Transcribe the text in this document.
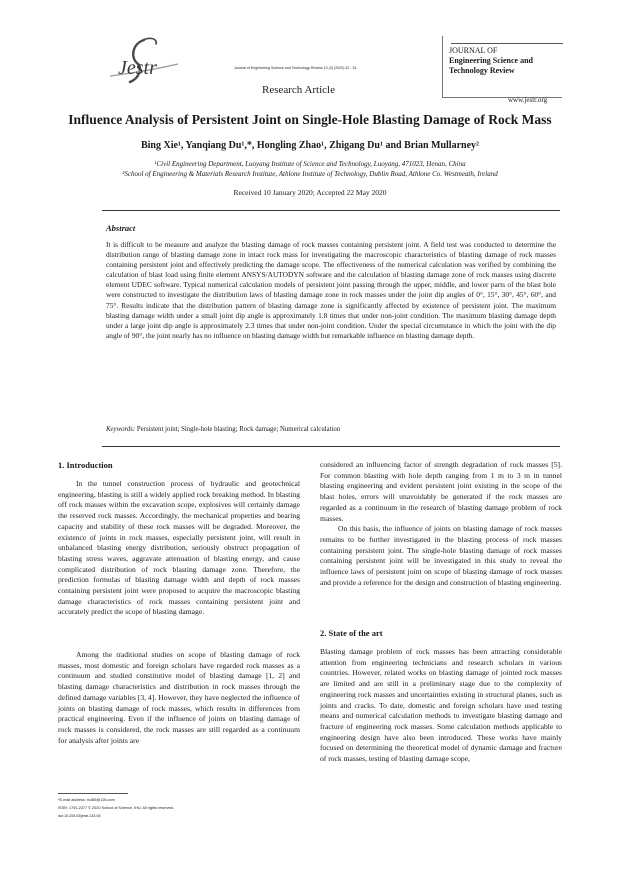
Jestr	Journal of Engineering Science and Technology Review 13 (3) (2020) 42 - 51
Research Article
JOURNAL OF
Engineering Science and
Technology Review
www.jestr.org
Influence Analysis of Persistent Joint on Single-Hole Blasting Damage of Rock Mass
Bing Xie¹, Yanqiang Du¹,*, Hongling Zhao¹, Zhigang Du¹ and Brian Mullarney²
¹Civil Engineering Department, Luoyang Institute of Science and Technology, Luoyang, 471023, Henan, China
²School of Engineering & Materials Research Institute, Athlone Institute of Technology, Dublin Road, Athlone Co. Westmeath, Ireland
Received 10 January 2020; Accepted 22 May 2020
Abstract
It is difficult to be measure and analyze the blasting damage of rock masses containing persistent joint. A field test was conducted to determine the distribution range of blasting damage zone in intact rock mass for investigating the macroscopic characteristics of blasting damage of rock masses containing persistent joint and effectively predicting the damage scope. The effectiveness of the numerical calculation was verified by combining the calculation of blast load using finite element ANSYS/AUTODYN software and the calculation of blasting damage zone of rock masses using discrete element UDEC software. Typical numerical calculation models of persistent joint passing through the upper, middle, and lower parts of the blast hole were constructed to investigate the distribution laws of blasting damage zone in rock masses under the joint dip angles of 0°, 15°, 30°, 45°, 60°, and 75°. Results indicate that the distribution pattern of blasting damage zone is significantly affected by existence of persistent joint. The maximum blasting damage width under a small joint dip angle is approximately 1.8 times that under non-joint condition. The maximum blasting damage depth under a large joint dip angle is approximately 2.3 times that under non-joint condition. Under the special circumstance in which the joint with the dip angle of 90°, the joint nearly has no influence on blasting damage width but remarkable influence on blasting damage depth.
Keywords: Persistent joint; Single-hole blasting; Rock damage; Numerical calculation
1. Introduction

In the tunnel construction process of hydraulic and geotechnical engineering, blasting is still a widely applied rock breaking method. In blasting off rock masses within the excavation scope, explosives will certainly damage the reserved rock masses. Accordingly, the mechanical properties and bearing capacity and stability of these rock masses will be degraded. Moreover, the existence of joints in rock masses, especially persistent joint, will result in unbalanced blasting energy distribution, seriously obstruct propagation of blasting stress waves, aggravate attenuation of blasting energy, and cause complicated distribution of rock blasting damage zone. Therefore, the prediction formulas of blasting damage width and depth of rock masses containing persistent joint were proposed to acquire the macroscopic blasting damage characteristics of rock masses containing persistent joint and accurately predict the scope of blasting damage.

Among the traditional studies on scope of blasting damage of rock masses, most domestic and foreign scholars have regarded rock masses as a continuum and studied constitutive model of blasting damage [1, 2] and blasting damage characteristics and distribution in rock masses through the defined damage variables [3, 4]. However, they have neglected the influence of joints on blasting damage of rock masses, which results in differences from practical engineering. Even if the influence of joints on blasting damage of rock masses is considered, the rock masses are still regarded as a continuum for analysis after joints are

considered an influencing factor of strength degradation of rock masses [5]. For common blasting with hole depth ranging from 1 m to 3 m in tunnel blasting engineering and evident persistent joint existing in the scope of the blast holes, errors will unavoidably be generated if the rock masses are regarded as a continuum in the research of blasting damage problem of rock masses.

On this basis, the influence of joints on blasting damage of rock masses remains to be further investigated in the blasting process of rock masses containing persistent joint. The single-hole blasting damage of rock masses containing persistent joint will be investigated in this study to reveal the influence laws of persistent joint on scope of blasting damage of rock masses and provide a reference for the design and construction of blasting engineering.

2. State of the art

Blasting damage problem of rock masses has been attracting considerable attention from engineering technicians and research scholars in various countries. However, related works on blasting damage of jointed rock masses are limited and are still in a preliminary stage due to the complexity of engineering rock masses and uncertainties existing in structural planes, such as joints and cracks. To date, domestic and foreign scholars have used testing means and numerical calculation methods to investigate blasting damage and fracture of engineering rock masses. Some calculation methods applicable to engineering design have also been introduced. These works have mainly focused on determining the theoretical model of dynamic damage and fracture of rock masses, testing of blasting damage scope,

*E-mail address: rs485@126.com
ISSN: 1791-2377 © 2020 School of Science, IHU. All rights reserved.
doi:10.25103/jestr.133.06
